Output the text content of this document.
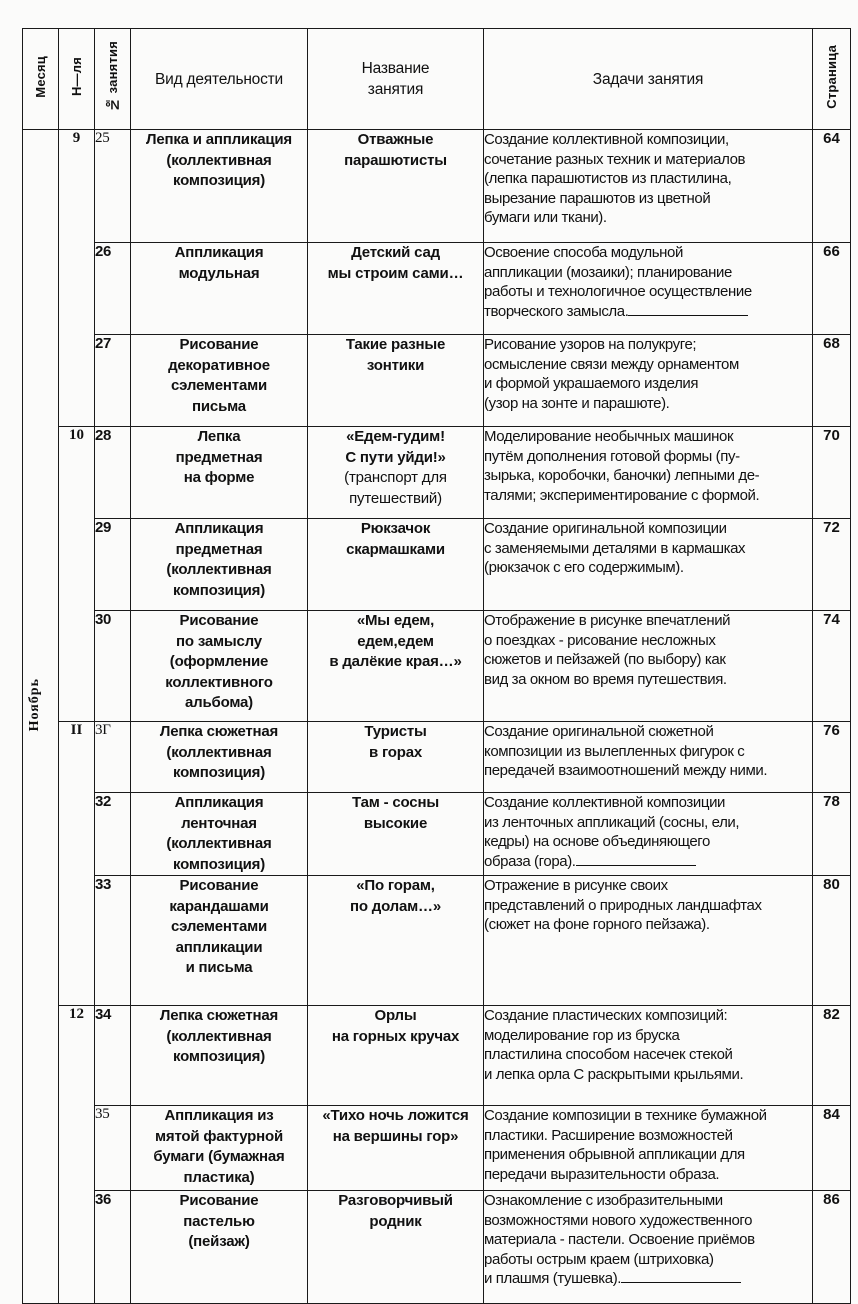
Месяц	Н—ля	№ занятия	Вид деятельности	Название
занятия	Задачи занятия	Страница

Ноябрь	9	25	Лепка и аппликация
(коллективная
композиция)	Отважные
парашютисты	Создание коллективной композиции,
сочетание разных техник и материалов
(лепка парашютистов из пластилина,
вырезание парашютов из цветной
бумаги или ткани).	64
		26	Аппликация
модульная	Детский сад
мы строим сами…	Освоение способа модульной
аппликации (мозаики); планирование
работы и технологичное осуществление
творческого замысла.	66
		27	Рисование
декоративное
сэлементами
письма	Такие разные
зонтики	Рисование узоров на полукруге;
осмысление связи между орнаментом
и формой украшаемого изделия
(узор на зонте и парашюте).	68
	10	28	Лепка
предметная
на форме	«Едем-гудим!
С пути уйди!»
(транспорт для
путешествий)	Моделирование необычных машинок
путём дополнения готовой формы (пу-
зырька, коробочки, баночки) лепными де-
талями; экспериментирование с формой.	70
		29	Аппликация
предметная
(коллективная
композиция)	Рюкзачок
скармашками	Создание оригинальной композиции
с заменяемыми деталями в кармашках
(рюкзачок с его содержимым).	72
		30	Рисование
по замыслу
(оформление
коллективного
альбома)	«Мы едем,
едем,едем
в далёкие края…»	Отображение в рисунке впечатлений
о поездках - рисование несложных
сюжетов и пейзажей (по выбору) как
вид за окном во время путешествия.	74
	II	3Г	Лепка сюжетная
(коллективная
композиция)	Туристы
в горах	Создание оригинальной сюжетной
композиции из вылепленных фигурок с
передачей взаимоотношений между ними.	76
		32	Аппликация
ленточная
(коллективная
композиция)	Там - сосны
высокие	Создание коллективной композиции
из ленточных аппликаций (сосны, ели,
кедры) на основе объединяющего
образа (гора).	78
		33	Рисование
карандашами
сэлементами
аппликации
и письма	«По горам,
по долам…»	Отражение в рисунке своих
представлений о природных ландшафтах
(сюжет на фоне горного пейзажа).	80
	12	34	Лепка сюжетная
(коллективная
композиция)	Орлы
на горных кручах	Создание пластических композиций:
моделирование гор из бруска
пластилина способом насечек стекой
и лепка орла С раскрытыми крыльями.	82
		35	Аппликация из
мятой фактурной
бумаги (бумажная
пластика)	«Тихо ночь ложится
на вершины гор»	Создание композиции в технике бумажной
пластики. Расширение возможностей
применения обрывной аппликации для
передачи выразительности образа.	84
		36	Рисование
пастелью
(пейзаж)	Разговорчивый
родник	Ознакомление с изобразительными
возможностями нового художественного
материала - пастели. Освоение приёмов
работы острым краем (штриховка)
и плашмя (тушевка).	86
